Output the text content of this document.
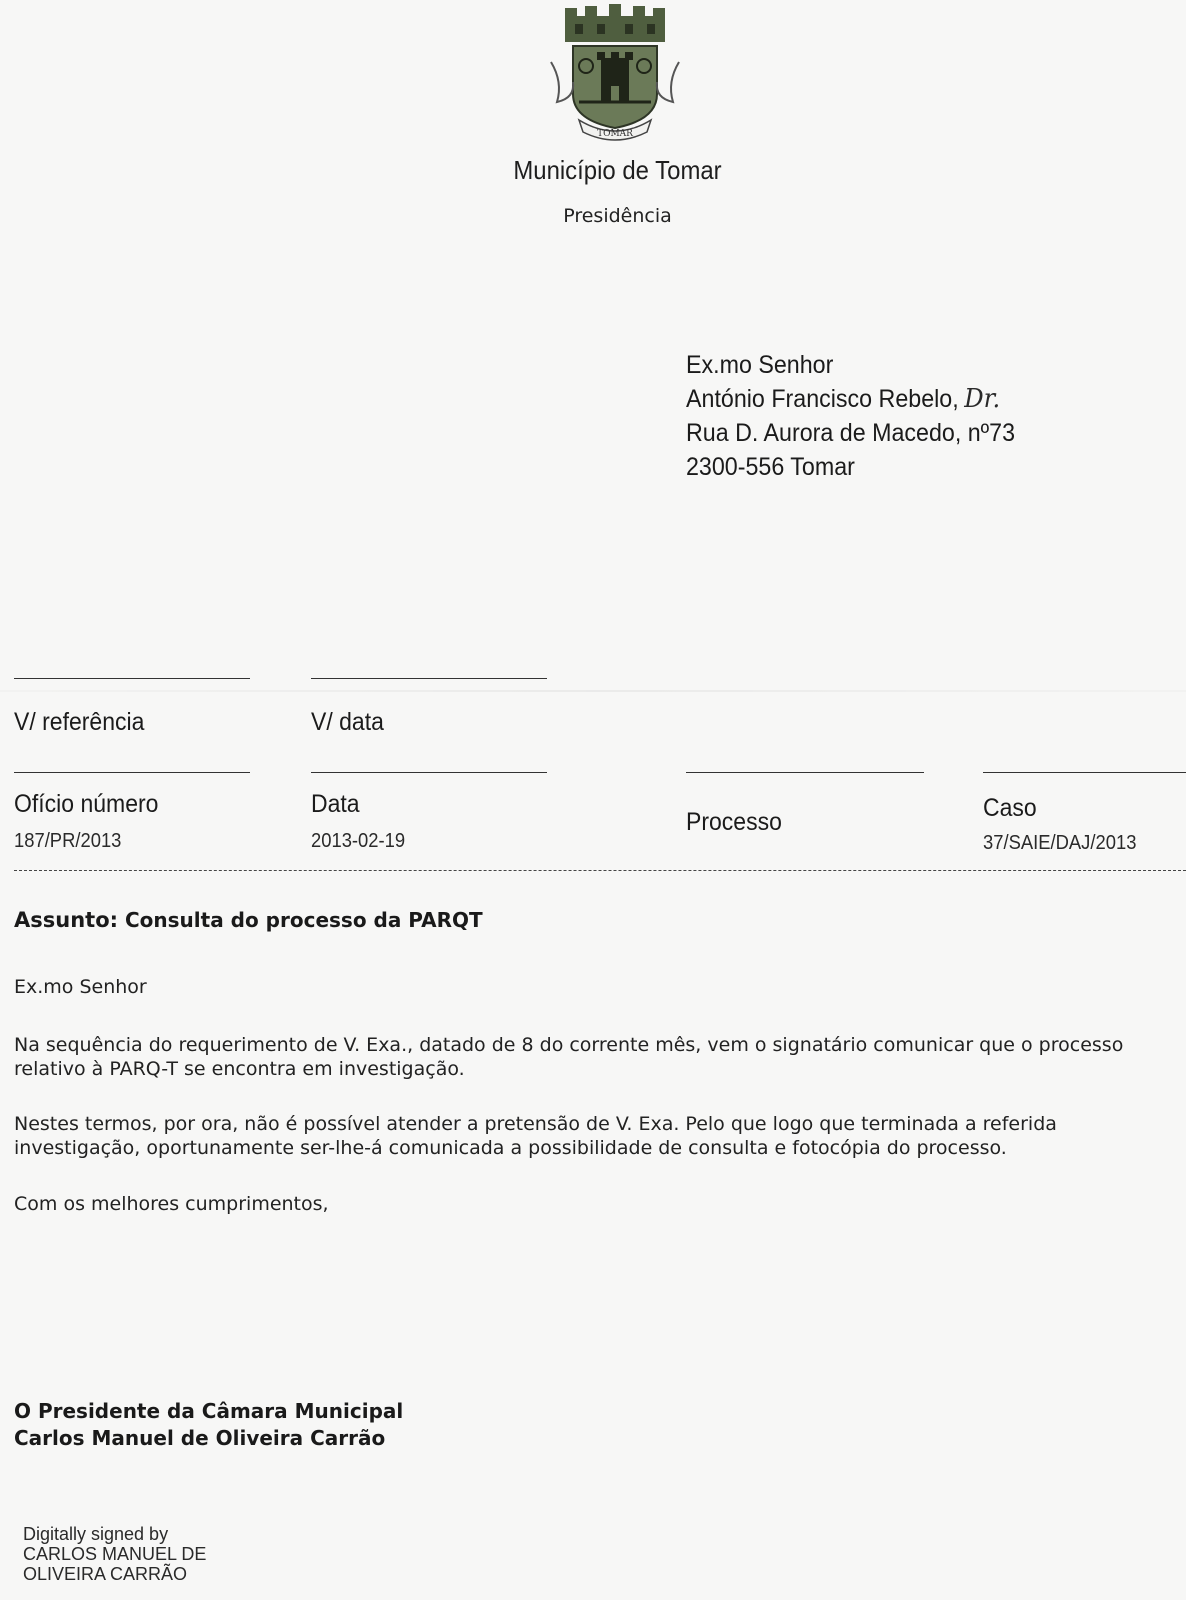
TOMAR
Município de Tomar
Presidência
Ex.mo Senhor
António Francisco Rebelo, Dr.
Rua D. Aurora de Macedo, nº73
2300-556 Tomar
V/ referência	V/ data
Ofício número
187/PR/2013
Data
2013-02-19
Processo	Caso
37/SAIE/DAJ/2013
Assunto: Consulta do processo da PARQT
Ex.mo Senhor
Na sequência do requerimento de V. Exa., datado de 8 do corrente mês, vem o signatário comunicar que o processo relativo à PARQ-T se encontra em investigação.
Nestes termos, por ora, não é possível atender a pretensão de V. Exa. Pelo que logo que terminada a referida investigação, oportunamente ser-lhe-á comunicada a possibilidade de consulta e fotocópia do processo.
Com os melhores cumprimentos,
O Presidente da Câmara Municipal
Carlos Manuel de Oliveira Carrão
Digitally signed by
CARLOS MANUEL DE
OLIVEIRA CARRÃO
